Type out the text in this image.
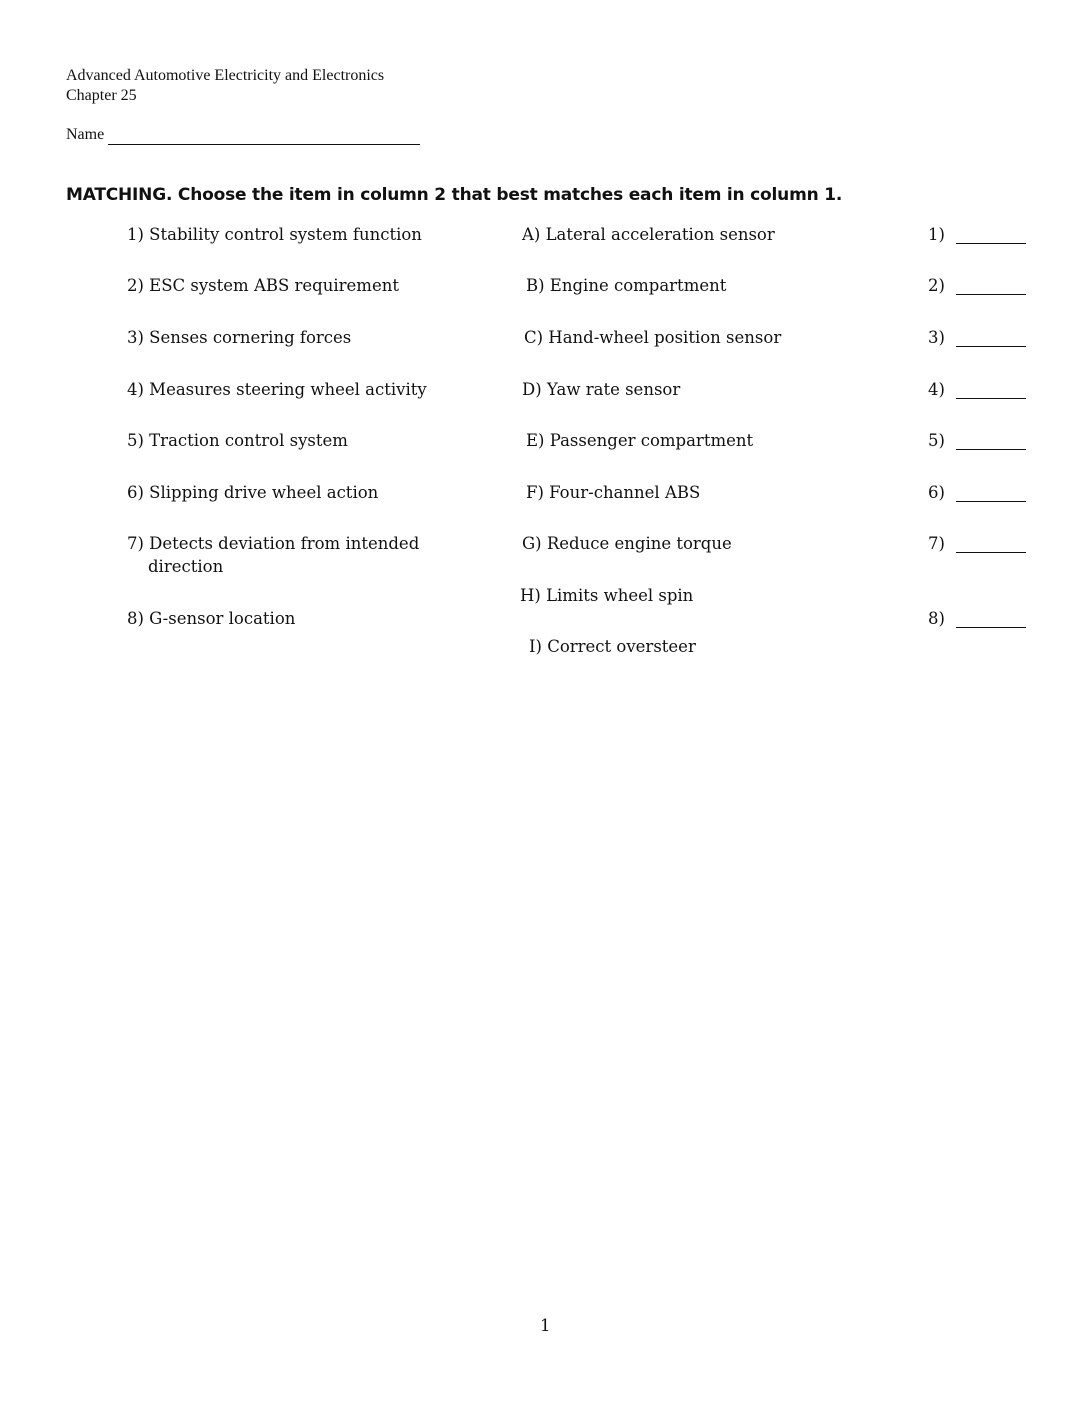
Advanced Automotive Electricity and Electronics
Chapter 25
Name
MATCHING. Choose the item in column 2 that best matches each item in column 1.
1) Stability control system function
2) ESC system ABS requirement
3) Senses cornering forces
4) Measures steering wheel activity
5) Traction control system
6) Slipping drive wheel action
7) Detects deviation from intended
direction
8) G-sensor location
A) Lateral acceleration sensor
B) Engine compartment
C) Hand-wheel position sensor
D) Yaw rate sensor
E) Passenger compartment
F) Four-channel ABS
G) Reduce engine torque
H) Limits wheel spin
I) Correct oversteer
1)
2)
3)
4)
5)
6)
7)
8)
1
